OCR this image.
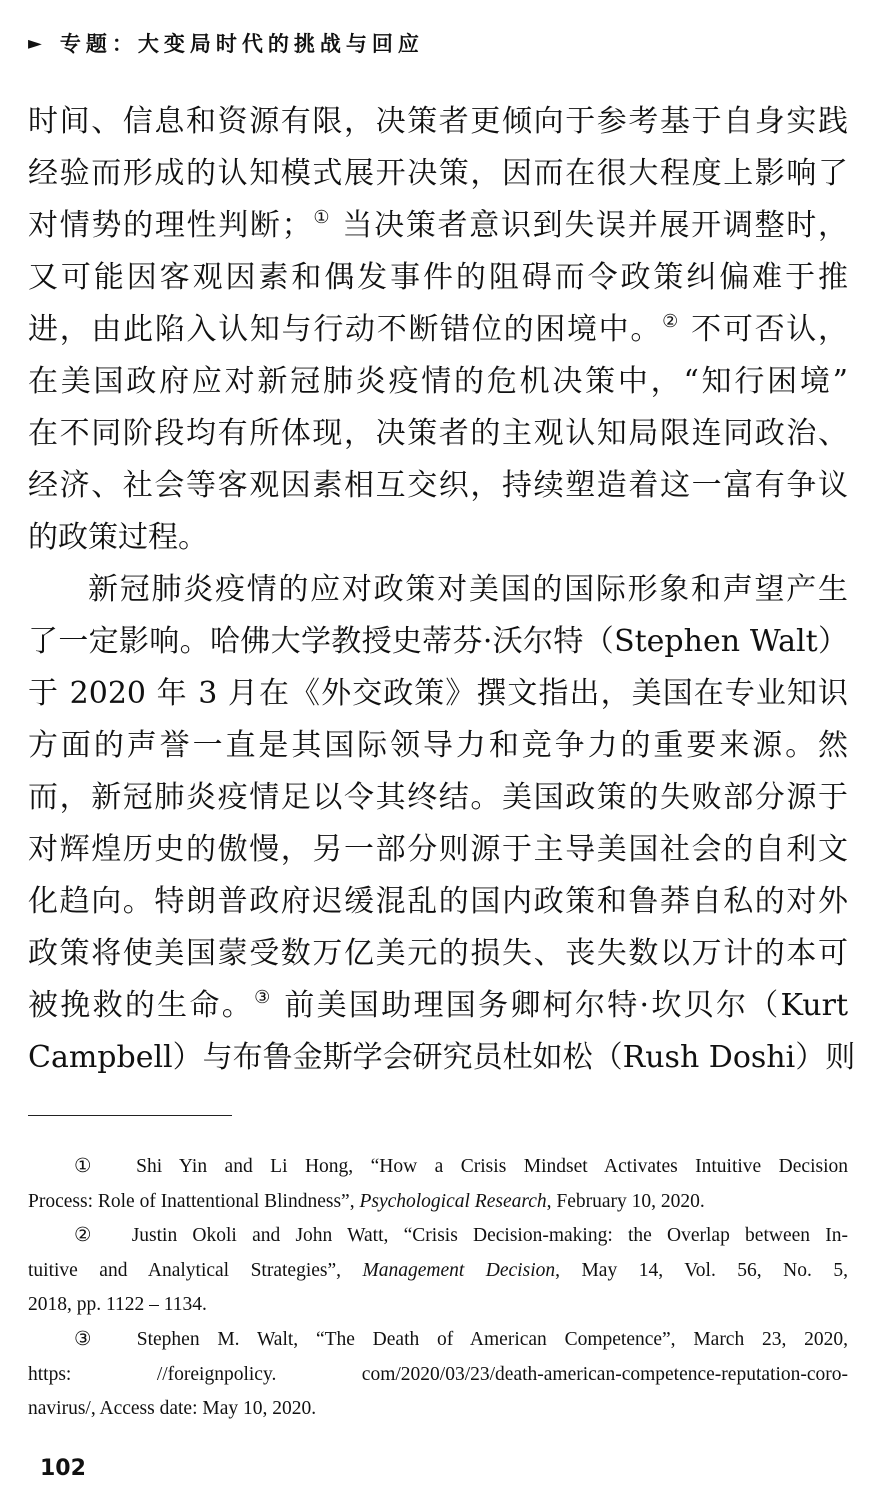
► 专题：大变局时代的挑战与回应
时间、信息和资源有限，决策者更倾向于参考基于自身实践
经验而形成的认知模式展开决策，因而在很大程度上影响了
对情势的理性判断；① 当决策者意识到失误并展开调整时，
又可能因客观因素和偶发事件的阻碍而令政策纠偏难于推
进，由此陷入认知与行动不断错位的困境中。② 不可否认，
在美国政府应对新冠肺炎疫情的危机决策中，“知行困境”
在不同阶段均有所体现，决策者的主观认知局限连同政治、
经济、社会等客观因素相互交织，持续塑造着这一富有争议
的政策过程。
新冠肺炎疫情的应对政策对美国的国际形象和声望产生
了一定影响。哈佛大学教授史蒂芬·沃尔特（Stephen Walt）
于 2020 年 3 月在《外交政策》撰文指出，美国在专业知识
方面的声誉一直是其国际领导力和竞争力的重要来源。然
而，新冠肺炎疫情足以令其终结。美国政策的失败部分源于
对辉煌历史的傲慢，另一部分则源于主导美国社会的自利文
化趋向。特朗普政府迟缓混乱的国内政策和鲁莽自私的对外
政策将使美国蒙受数万亿美元的损失、丧失数以万计的本可
被挽救的生命。③ 前美国助理国务卿柯尔特·坎贝尔（Kurt
Campbell）与布鲁金斯学会研究员杜如松（Rush Doshi）则
①　Shi Yin and Li Hong, “How a Crisis Mindset Activates Intuitive Decision
Process: Role of Inattentional Blindness”, Psychological Research, February 10, 2020.
②　Justin Okoli and John Watt, “Crisis Decision-making: the Overlap between In-
tuitive and Analytical Strategies”, Management Decision, May 14, Vol. 56, No. 5,
2018, pp. 1122 – 1134.
③　Stephen M. Walt, “The Death of American Competence”, March 23, 2020,
https: //foreignpolicy. com/2020/03/23/death-american-competence-reputation-coro-
navirus/, Access date: May 10, 2020.
102
